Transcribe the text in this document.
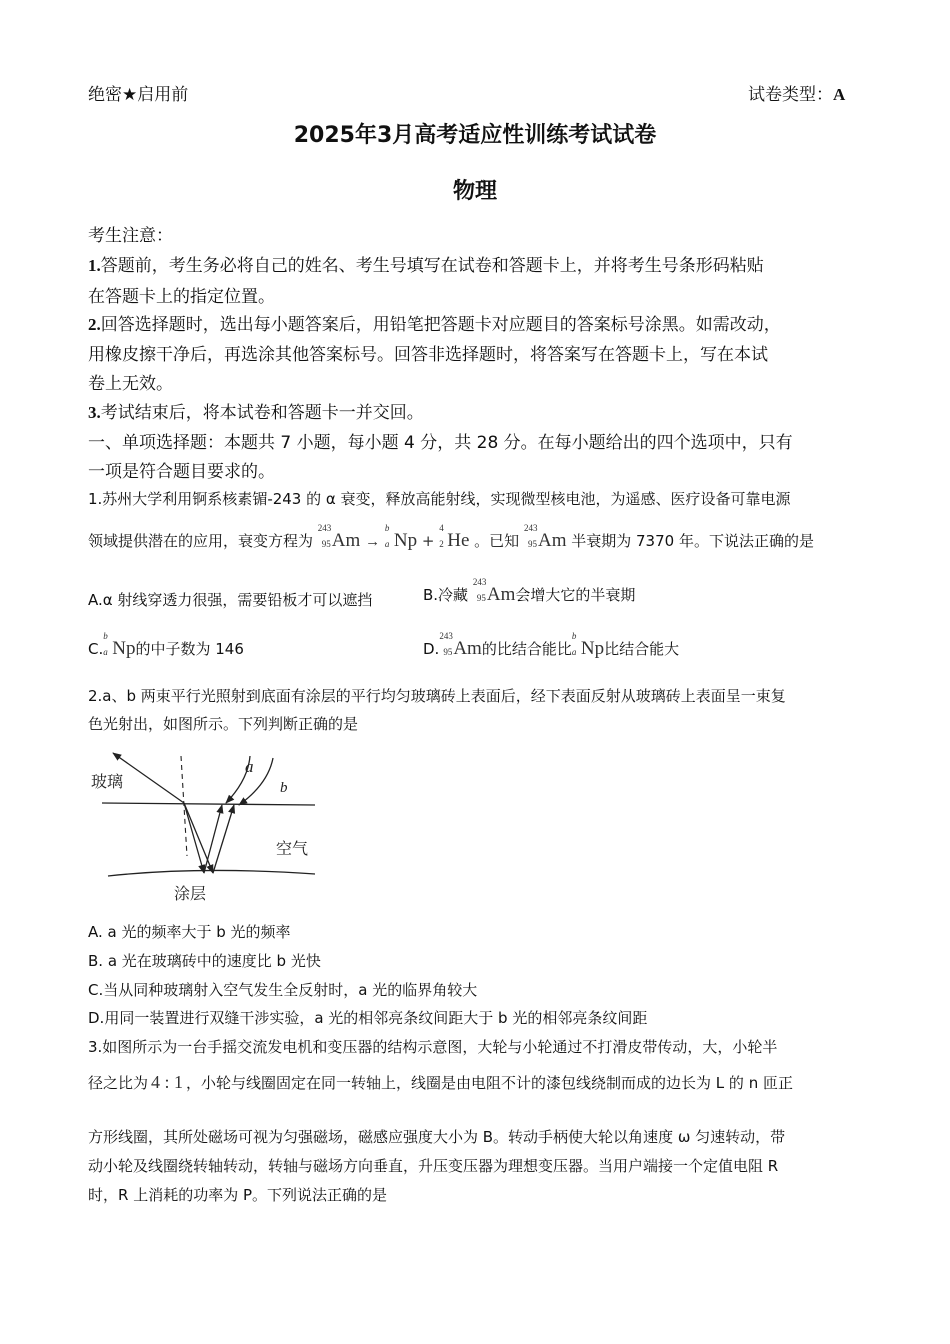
绝密★启用前	试卷类型：A
2025年3月高考适应性训练考试试卷
物理
考生注意：
1.答题前，考生务必将自己的姓名、考生号填写在试卷和答题卡上，并将考生号条形码粘贴
在答题卡上的指定位置。
2.回答选择题时，选出每小题答案后，用铅笔把答题卡对应题目的答案标号涂黑。如需改动，
用橡皮擦干净后，再选涂其他答案标号。回答非选择题时，将答案写在答题卡上，写在本试
卷上无效。
3.考试结束后，将本试卷和答题卡一并交回。
一、单项选择题：本题共 7 小题，每小题 4 分，共 28 分。在每小题给出的四个选项中，只有
一项是符合题目要求的。
1.苏州大学利用锕系核素镅-243 的 α 衰变，释放高能射线，实现微型核电池，为遥感、医疗设备可靠电源
领域提供潜在的应用，衰变方程为
243
95 Am →
b
a Np +
4
2 He 。已知
243
95 Am 半衰期为 7370 年。下说法正确的是
A.α 射线穿透力很强，需要铅板才可以遮挡	B.冷藏
243
95 Am会增大它的半衰期
C.
b
a Np的中子数为 146	D.
243
95 Am的比结合能比
b
a Np比结合能大
2.a、b 两束平行光照射到底面有涂层的平行均匀玻璃砖上表面后，经下表面反射从玻璃砖上表面呈一束复
色光射出，如图所示。下列判断正确的是
玻璃
空气
涂层
a
b
A. a 光的频率大于 b 光的频率
B. a 光在玻璃砖中的速度比 b 光快
C.当从同种玻璃射入空气发生全反射时，a 光的临界角较大
D.用同一装置进行双缝干涉实验，a 光的相邻亮条纹间距大于 b 光的相邻亮条纹间距
3.如图所示为一台手摇交流发电机和变压器的结构示意图，大轮与小轮通过不打滑皮带传动，大，小轮半
径之比为 4 : 1 ，小轮与线圈固定在同一转轴上，线圈是由电阻不计的漆包线绕制而成的边长为 L 的 n 匝正
方形线圈，其所处磁场可视为匀强磁场，磁感应强度大小为 B。转动手柄使大轮以角速度 ω 匀速转动，带
动小轮及线圈绕转轴转动，转轴与磁场方向垂直，升压变压器为理想变压器。当用户端接一个定值电阻 R
时，R 上消耗的功率为 P。下列说法正确的是
